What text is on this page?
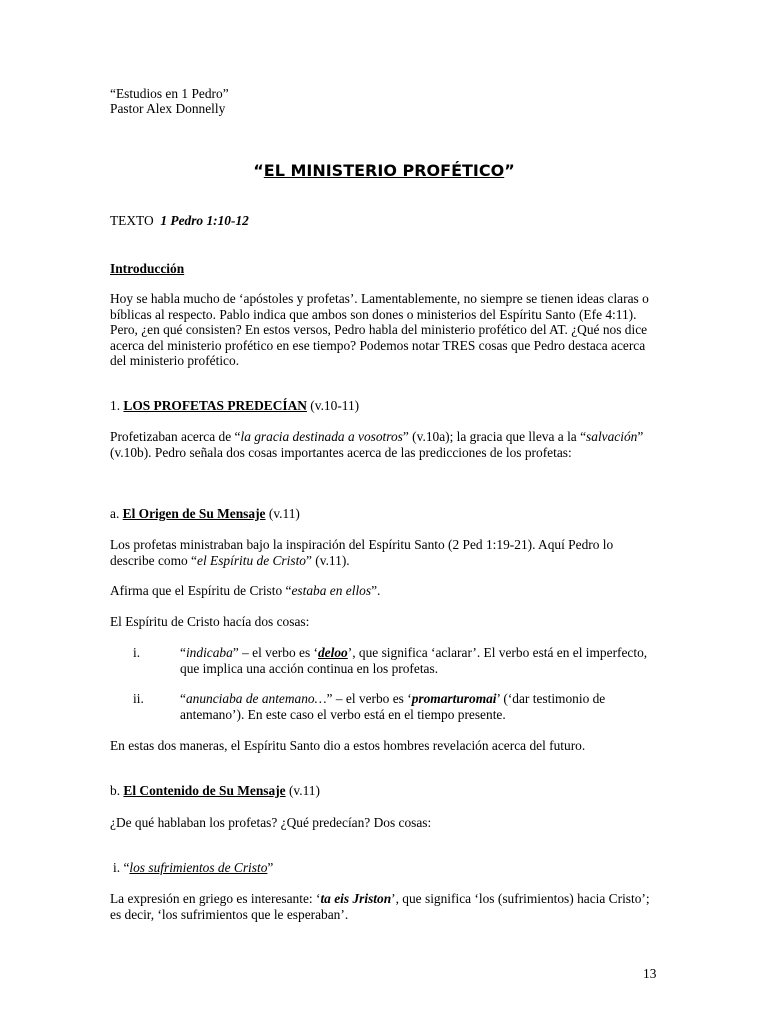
“Estudios en 1 Pedro”
Pastor Alex Donnelly
“EL MINISTERIO PROFÉTICO”
TEXTO 1 Pedro 1:10-12
Introducción

Hoy se habla mucho de ‘apóstoles y profetas’. Lamentablemente, no siempre se tienen ideas claras o bíblicas al respecto. Pablo indica que ambos son dones o ministerios del Espíritu Santo (Efe 4:11). Pero, ¿en qué consisten? En estos versos, Pedro habla del ministerio profético del AT. ¿Qué nos dice acerca del ministerio profético en ese tiempo? Podemos notar TRES cosas que Pedro destaca acerca del ministerio profético.

1. LOS PROFETAS PREDECÍAN (v.10-11)

Profetizaban acerca de “la gracia destinada a vosotros” (v.10a); la gracia que lleva a la “salvación” (v.10b). Pedro señala dos cosas importantes acerca de las predicciones de los profetas:

a. El Origen de Su Mensaje (v.11)

Los profetas ministraban bajo la inspiración del Espíritu Santo (2 Ped 1:19-21). Aquí Pedro lo describe como “el Espíritu de Cristo” (v.11).

Afirma que el Espíritu de Cristo “estaba en ellos”.

El Espíritu de Cristo hacía dos cosas:

i.	“indicaba” – el verbo es ‘deloo’, que significa ‘aclarar’. El verbo está en el imperfecto, que implica una acción continua en los profetas.

ii.	“anunciaba de antemano…” – el verbo es ‘promarturomai’ (‘dar testimonio de antemano’). En este caso el verbo está en el tiempo presente.

En estas dos maneras, el Espíritu Santo dio a estos hombres revelación acerca del futuro.

b. El Contenido de Su Mensaje (v.11)

¿De qué hablaban los profetas? ¿Qué predecían? Dos cosas:

i. “los sufrimientos de Cristo”

La expresión en griego es interesante: ‘ta eis Jriston’, que significa ‘los (sufrimientos) hacia Cristo’; es decir, ‘los sufrimientos que le esperaban’.

13
